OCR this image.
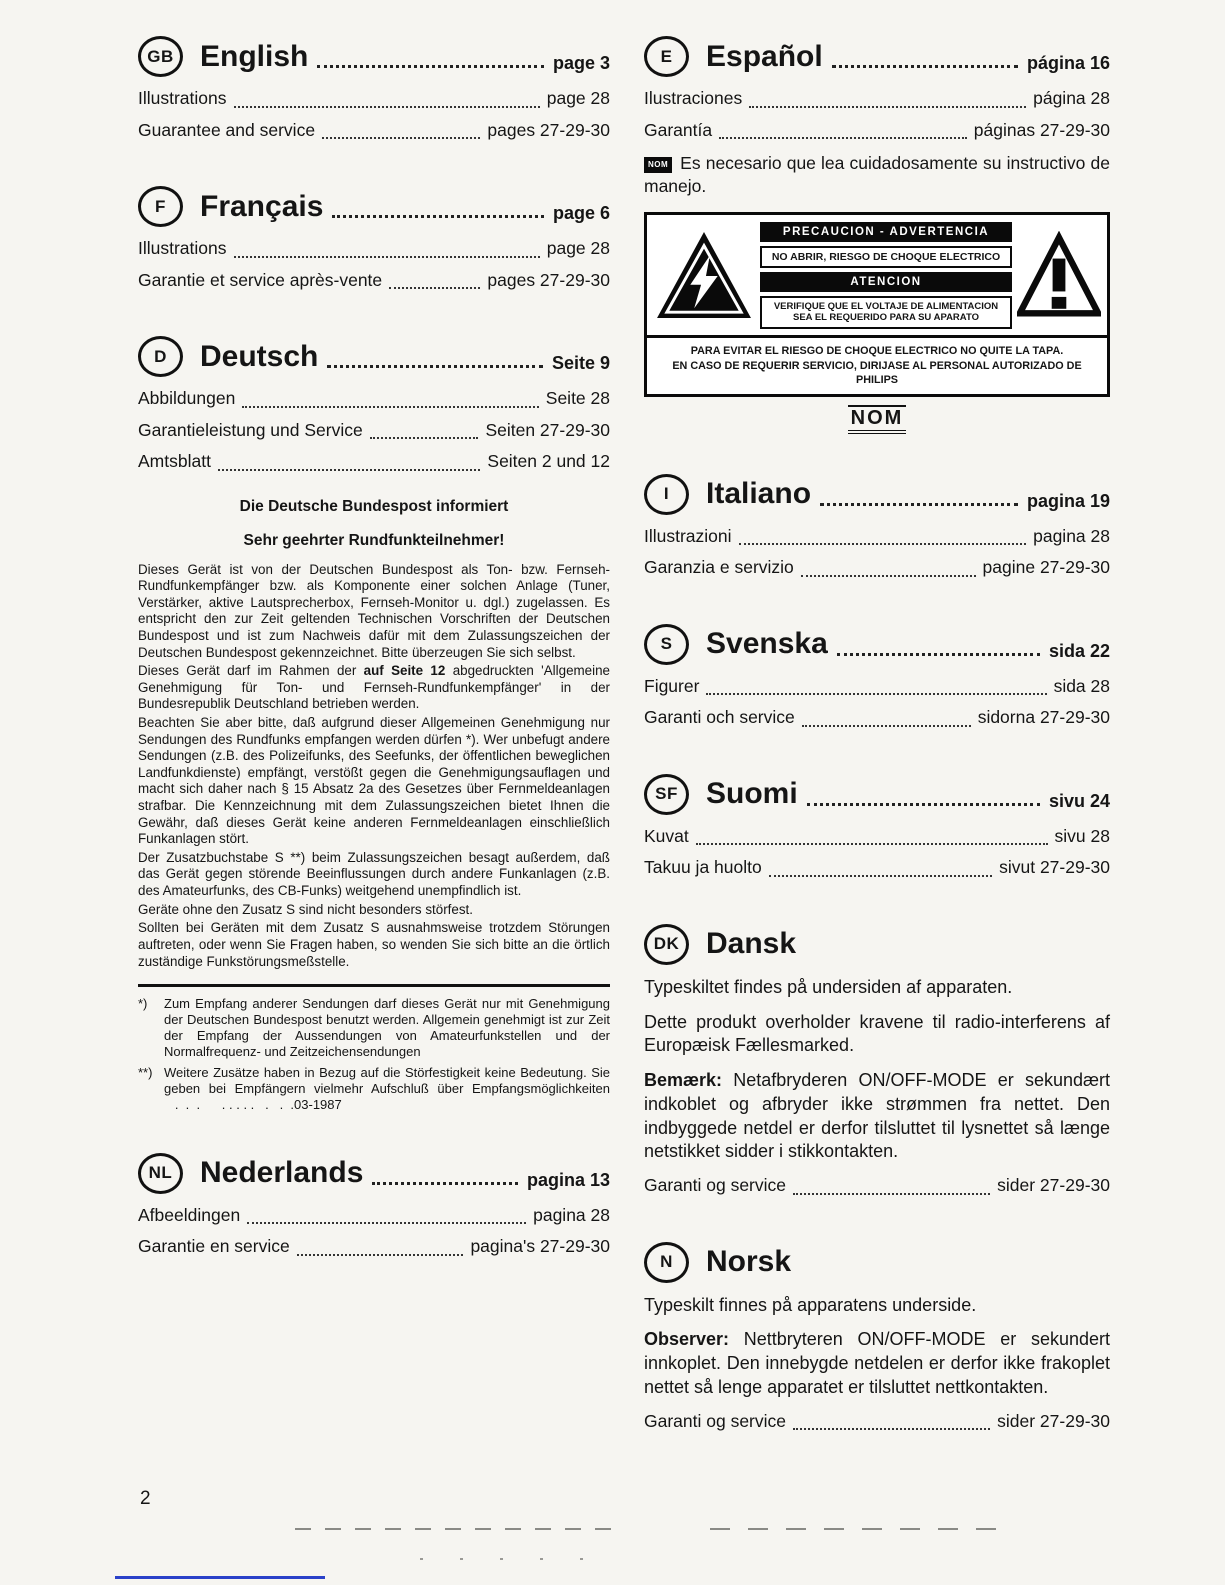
GB English	page 3
Illustrations	page 28
Guarantee and service	pages 27-29-30
F	Français	page 6
Illustrations	page 28
Garantie et service après-vente	pages 27-29-30
D	Deutsch	Seite 9
Abbildungen	Seite 28
Garantieleistung und Service	Seiten 27-29-30
Amtsblatt	Seiten 2 und 12

Die Deutsche Bundespost informiert

Sehr geehrter Rundfunkteilnehmer!

Dieses Gerät ist von der Deutschen Bundespost als Ton- bzw. Fernseh-Rundfunkempfänger bzw. als Komponente einer solchen Anlage (Tuner, Verstärker, aktive Lautsprecherbox, Fernseh-Monitor u. dgl.) zugelassen. Es entspricht den zur Zeit geltenden Technischen Vorschriften der Deutschen Bundespost und ist zum Nachweis dafür mit dem Zulassungszeichen der Deutschen Bundespost gekennzeichnet. Bitte überzeugen Sie sich selbst.

Dieses Gerät darf im Rahmen der auf Seite 12 abgedruckten 'Allgemeine Genehmigung für Ton- und Fernseh-Rundfunkempfänger' in der Bundesrepublik Deutschland betrieben werden.

Beachten Sie aber bitte, daß aufgrund dieser Allgemeinen Genehmigung nur Sendungen des Rundfunks empfangen werden dürfen *). Wer unbefugt andere Sendungen (z.B. des Polizeifunks, des Seefunks, der öffentlichen beweglichen Landfunkdienste) empfängt, verstößt gegen die Genehmigungsauflagen und macht sich daher nach § 15 Absatz 2a des Gesetzes über Fernmeldeanlagen strafbar. Die Kennzeichnung mit dem Zulassungszeichen bietet Ihnen die Gewähr, daß dieses Gerät keine anderen Fernmeldeanlagen einschließlich Funkanlagen stört.

Der Zusatzbuchstabe S **) beim Zulassungszeichen besagt außerdem, daß das Gerät gegen störende Beeinflussungen durch andere Funkanlagen (z.B. des Amateurfunks, des CB-Funks) weitgehend unempfindlich ist.

Geräte ohne den Zusatz S sind nicht besonders störfest.

Sollten bei Geräten mit dem Zusatz S ausnahmsweise trotzdem Störungen auftreten, oder wenn Sie Fragen haben, so wenden Sie sich bitte an die örtlich zuständige Funkstörungsmeßstelle.

*)	Zum Empfang anderer Sendungen darf dieses Gerät nur mit Genehmigung der Deutschen Bundespost benutzt werden. Allgemein genehmigt ist zur Zeit der Empfang der Aussendungen von Amateurfunkstellen und der Normalfrequenz- und Zeitzeichensendungen
**) Weitere Zusätze haben in Bezug auf die Störfestigkeit keine Bedeutung. Sie geben bei Empfängern vielmehr Aufschluß über Empfangsmöglichkeiten   .  .  .      . . . . .   .   .  .03-1987
NL Nederlands	pagina 13
Afbeeldingen	pagina 28
Garantie en service	pagina's 27-29-30
E	Español	página 16
Ilustraciones	página 28
Garantía	páginas 27-29-30

NOM Es necesario que lea cuidadosamente su instructivo de manejo.

PRECAUCION - ADVERTENCIA
NO ABRIR, RIESGO DE CHOQUE ELECTRICO
ATENCION
VERIFIQUE QUE EL VOLTAJE DE ALIMENTACION SEA EL REQUERIDO PARA SU APARATO
PARA EVITAR EL RIESGO DE CHOQUE ELECTRICO NO QUITE LA TAPA.
EN CASO DE REQUERIR SERVICIO, DIRIJASE AL PERSONAL AUTORIZADO DE PHILIPS
NOM
I	Italiano	pagina 19
Illustrazioni	pagina 28
Garanzia e servizio	pagine 27-29-30
S	Svenska	sida 22
Figurer	sida 28
Garanti och service	sidorna 27-29-30
SF Suomi	sivu 24
Kuvat	sivu 28
Takuu ja huolto	sivut 27-29-30
DK Dansk

Typeskiltet findes på undersiden af apparaten.

Dette produkt overholder kravene til radio-interferens af Europæisk Fællesmarked.

Bemærk: Netafbryderen ON/OFF-MODE er sekundært indkoblet og afbryder ikke strømmen fra nettet. Den indbyggede netdel er derfor tilsluttet til lysnettet så længe netstikket sidder i stikkontakten.

Garanti og service	sider 27-29-30
N	Norsk

Typeskilt finnes på apparatens underside.

Observer: Nettbryteren ON/OFF-MODE er sekundert innkoplet. Den innebygde netdelen er derfor ikke frakoplet nettet så lenge apparatet er tilsluttet nettkontakten.

Garanti og service	sider 27-29-30
2
